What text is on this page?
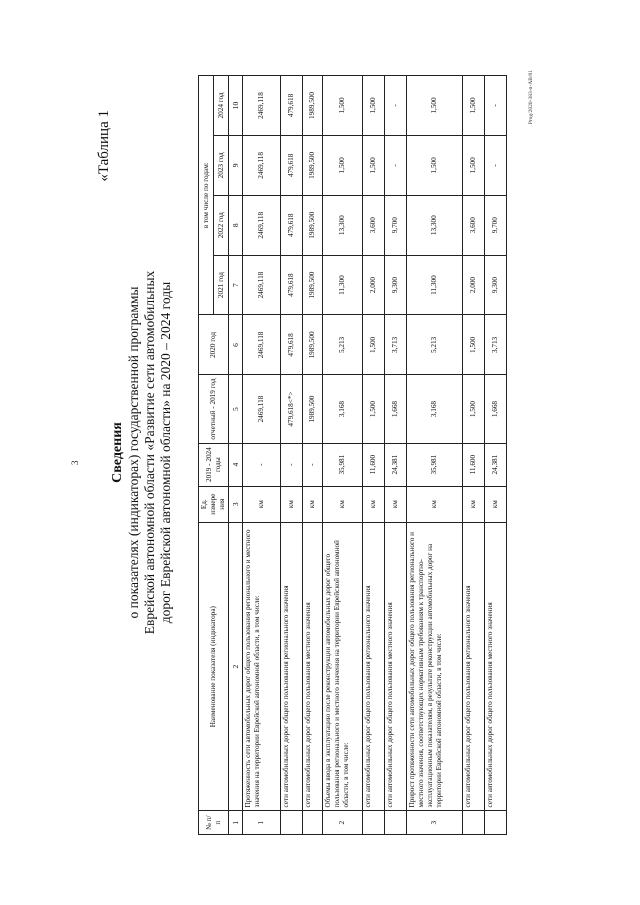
3
«Таблица 1
Сведения о показателях (индикаторах) государственной программы Еврейской автономной области «Развитие сети автомобильных дорог Еврейской автономной области» на 2020 – 2024 годы
№ п/п	Наименование показателя (индикатора)	Ед. измере ния	2019 - 2024 годы	отчетный - 2019 год	2020 год	в том числе по годам:			
						2021 год	2022 год	2023 год	2024 год
1	2	3	4	5	6	7	8	9	10
1	Протяженность сети автомобильных дорог общего пользования регионального и местного значения на территории Еврейской автономной области, в том числе:	км	-	2469,118	2469,118	2469,118	2469,118	2469,118	2469,118
	сети автомобильных дорог общего пользования регионального значения	км	-	479,618<*>	479,618	479,618	479,618	479,618	479,618
	сети автомобильных дорог общего пользования местного значения	км	-	1989,500	1989,500	1989,500	1989,500	1989,500	1989,500
2	Объемы ввода в эксплуатацию после реконструкции автомобильных дорог общего пользования регионального и местного значения на территории Еврейской автономной области, в том числе:	км	35,981	3,168	5,213	11,300	13,300	1,500	1,500
	сети автомобильных дорог общего пользования регионального значения	км	11,600	1,500	1,500	2,000	3,600	1,500	1,500
	сети автомобильных дорог общего пользования местного значения	км	24,381	1,668	3,713	9,300	9,700	-	-
3	Прирост протяженности сети автомобильных дорог общего пользования регионального и местного значения, соответствующих нормативным требованиям к транспортно-эксплуатационным показателям, в результате реконструкции автомобильных дорог на территории Еврейской автономной области, в том числе:	км	35,981	3,168	5,213	11,300	13,300	1,500	1,500
	сети автомобильных дорог общего пользования регионального значения	км	11,600	1,500	1,500	2,000	3,600	1,500	1,500
	сети автомобильных дорог общего пользования местного значения	км	24,381	1,668	3,713	9,300	9,700	-	-	Prog/2020-383-п-AB/01
